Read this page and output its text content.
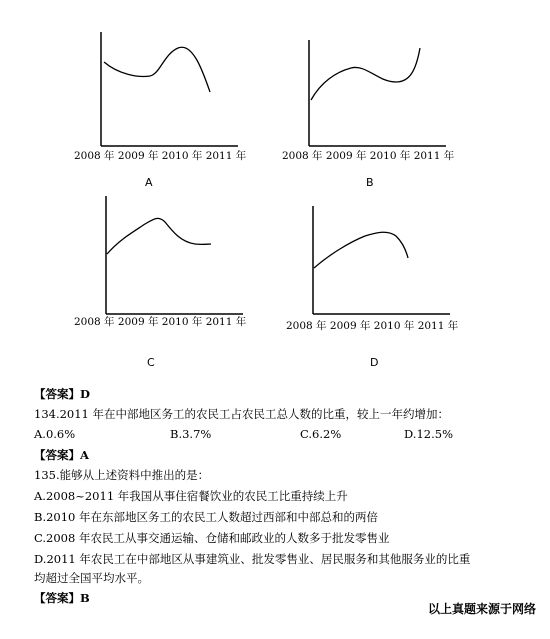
2008 年 2009 年 2010 年 2011 年
A
2008 年 2009 年 2010 年 2011 年
B
2008 年 2009 年 2010 年 2011 年
C
2008 年 2009 年 2010 年 2011 年
D
【答案】D
134.2011 年在中部地区务工的农民工占农民工总人数的比重，较上一年约增加：
A.0.6%	B.3.7%	C.6.2%	D.12.5%
【答案】A
135.能够从上述资料中推出的是：
A.2008~2011 年我国从事住宿餐饮业的农民工比重持续上升
B.2010 年在东部地区务工的农民工人数超过西部和中部总和的两倍
C.2008 年农民工从事交通运输、仓储和邮政业的人数多于批发零售业
D.2011 年农民工在中部地区从事建筑业、批发零售业、居民服务和其他服务业的比重
均超过全国平均水平。
【答案】B
以上真题来源于网络
